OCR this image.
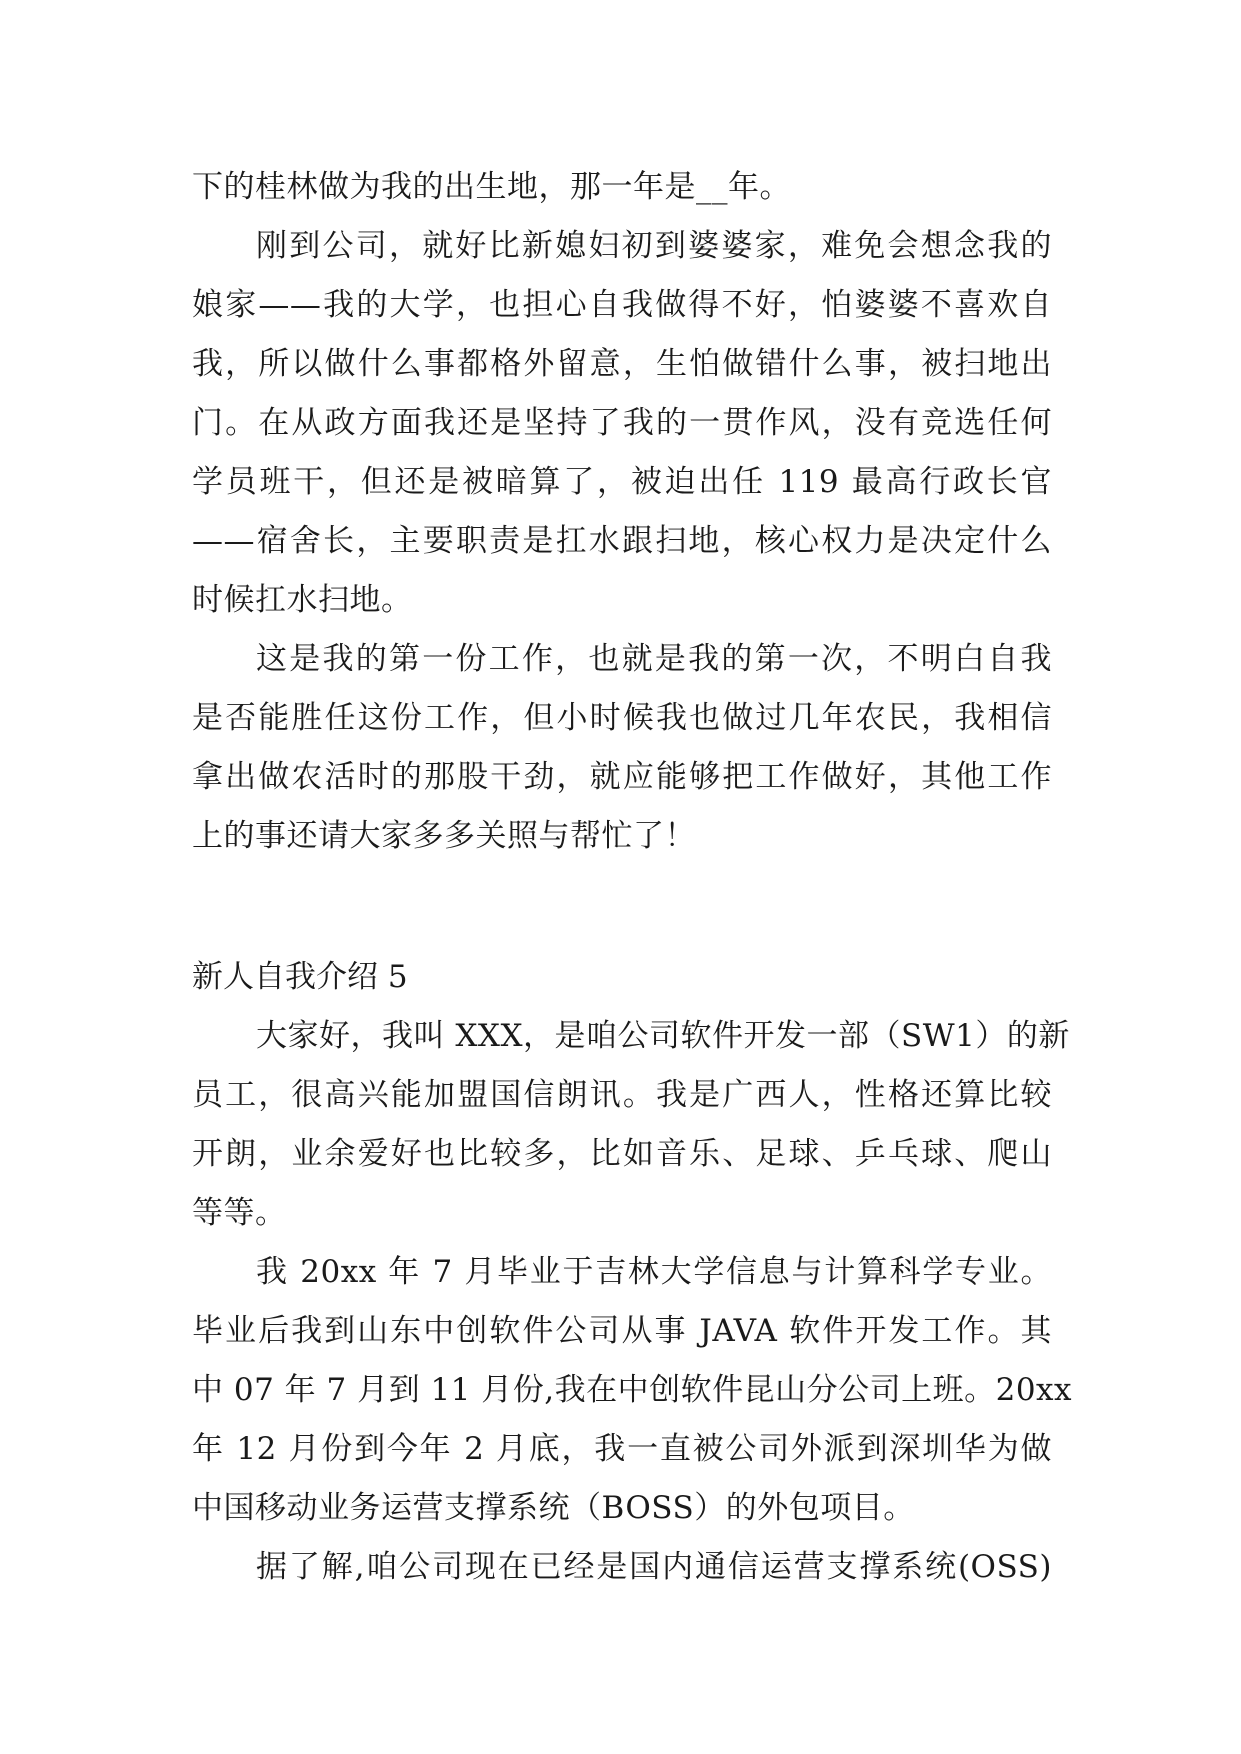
下的桂林做为我的出生地，那一年是__年。
刚到公司，就好比新媳妇初到婆婆家，难免会想念我的
娘家——我的大学，也担心自我做得不好，怕婆婆不喜欢自
我，所以做什么事都格外留意，生怕做错什么事，被扫地出
门。在从政方面我还是坚持了我的一贯作风，没有竞选任何
学员班干，但还是被暗算了，被迫出任 119 最高行政长官
——宿舍长，主要职责是扛水跟扫地，核心权力是决定什么
时候扛水扫地。
这是我的第一份工作，也就是我的第一次，不明白自我
是否能胜任这份工作，但小时候我也做过几年农民，我相信
拿出做农活时的那股干劲，就应能够把工作做好，其他工作
上的事还请大家多多关照与帮忙了！
新人自我介绍 5
大家好，我叫 XXX，是咱公司软件开发一部（SW1）的新
员工，很高兴能加盟国信朗讯。我是广西人，性格还算比较
开朗，业余爱好也比较多，比如音乐、足球、乒乓球、爬山
等等。
我 20xx 年 7 月毕业于吉林大学信息与计算科学专业。
毕业后我到山东中创软件公司从事 JAVA 软件开发工作。其
中 07 年 7 月到 11 月份,我在中创软件昆山分公司上班。20xx
年 12 月份到今年 2 月底，我一直被公司外派到深圳华为做
中国移动业务运营支撑系统（BOSS）的外包项目。
据了解,咱公司现在已经是国内通信运营支撑系统(OSS)
